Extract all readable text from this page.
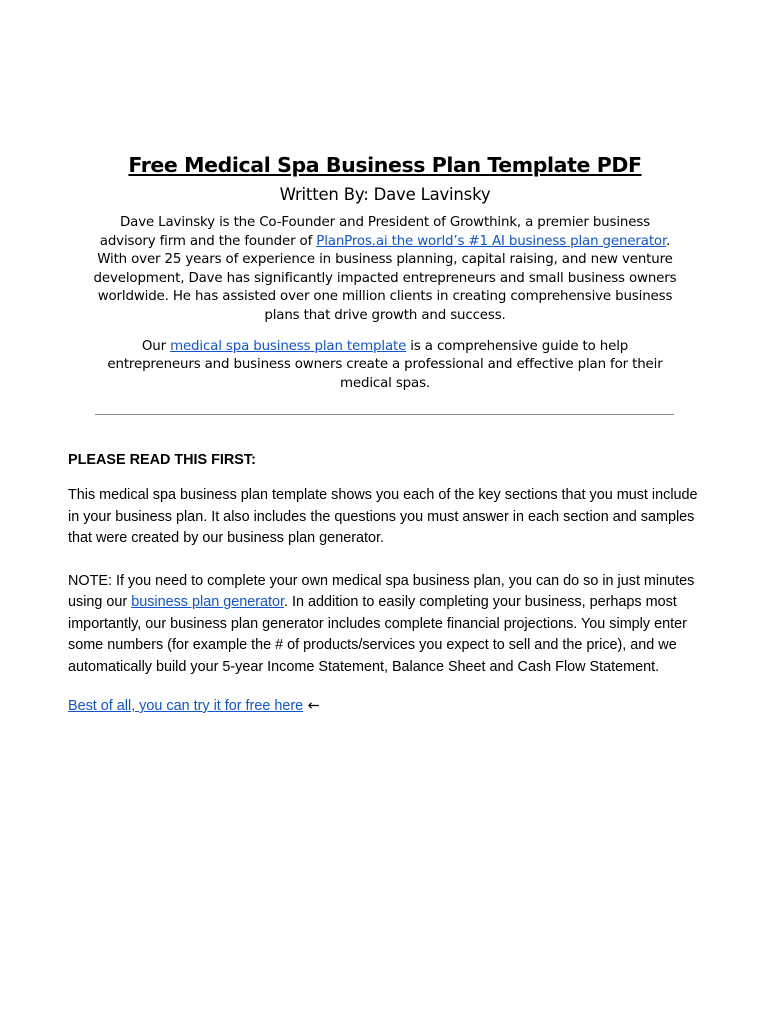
Free Medical Spa Business Plan Template PDF
Written By: Dave Lavinsky

Dave Lavinsky is the Co-Founder and President of Growthink, a premier business advisory firm and the founder of PlanPros.ai the world’s #1 AI business plan generator. With over 25 years of experience in business planning, capital raising, and new venture development, Dave has significantly impacted entrepreneurs and small business owners worldwide. He has assisted over one million clients in creating comprehensive business plans that drive growth and success.

Our medical spa business plan template is a comprehensive guide to help entrepreneurs and business owners create a professional and effective plan for their medical spas.

PLEASE READ THIS FIRST:

This medical spa business plan template shows you each of the key sections that you must include in your business plan. It also includes the questions you must answer in each section and samples that were created by our business plan generator.

NOTE: If you need to complete your own medical spa business plan, you can do so in just minutes using our business plan generator. In addition to easily completing your business, perhaps most importantly, our business plan generator includes complete financial projections. You simply enter some numbers (for example the # of products/services you expect to sell and the price), and we automatically build your 5-year Income Statement, Balance Sheet and Cash Flow Statement.

Best of all, you can try it for free here ←
